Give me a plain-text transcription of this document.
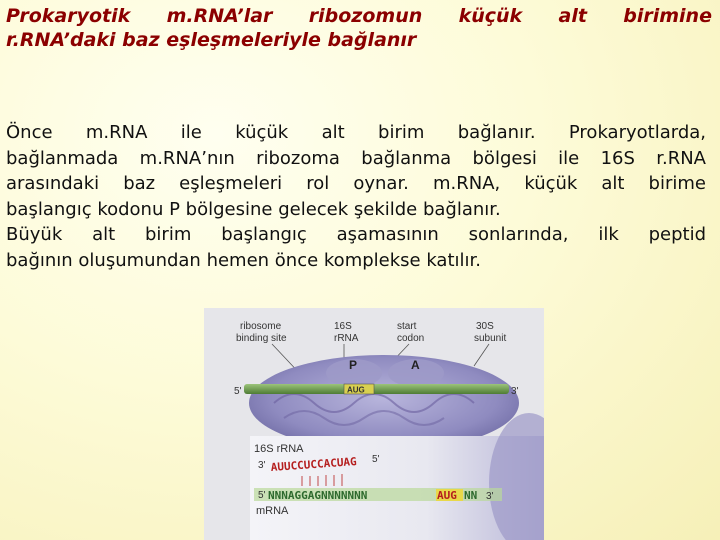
Prokaryotik m.RNA’lar ribozomun küçük alt birimine
r.RNA’daki baz eşleşmeleriyle bağlanır

Önce m.RNA ile küçük alt birim bağlanır. Prokaryotlarda,

bağlanmada m.RNA’nın ribozoma bağlanma bölgesi ile 16S r.RNA

arasındaki baz eşleşmeleri rol oynar. m.RNA, küçük alt birime

başlangıç kodonu P bölgesine gelecek şekilde bağlanır.

Büyük alt birim başlangıç aşamasının sonlarında, ilk peptid

bağının oluşumundan hemen önce komplekse katılır.

ribosome
binding site
16S
rRNA
start
codon
30S
subunit
P	A
AUG
5'	3'
16S rRNA
3' AUUCCUCCACUAG 5'
5' NNNAGGAGNNNNNNN	AUG NN 3'
mRNA
